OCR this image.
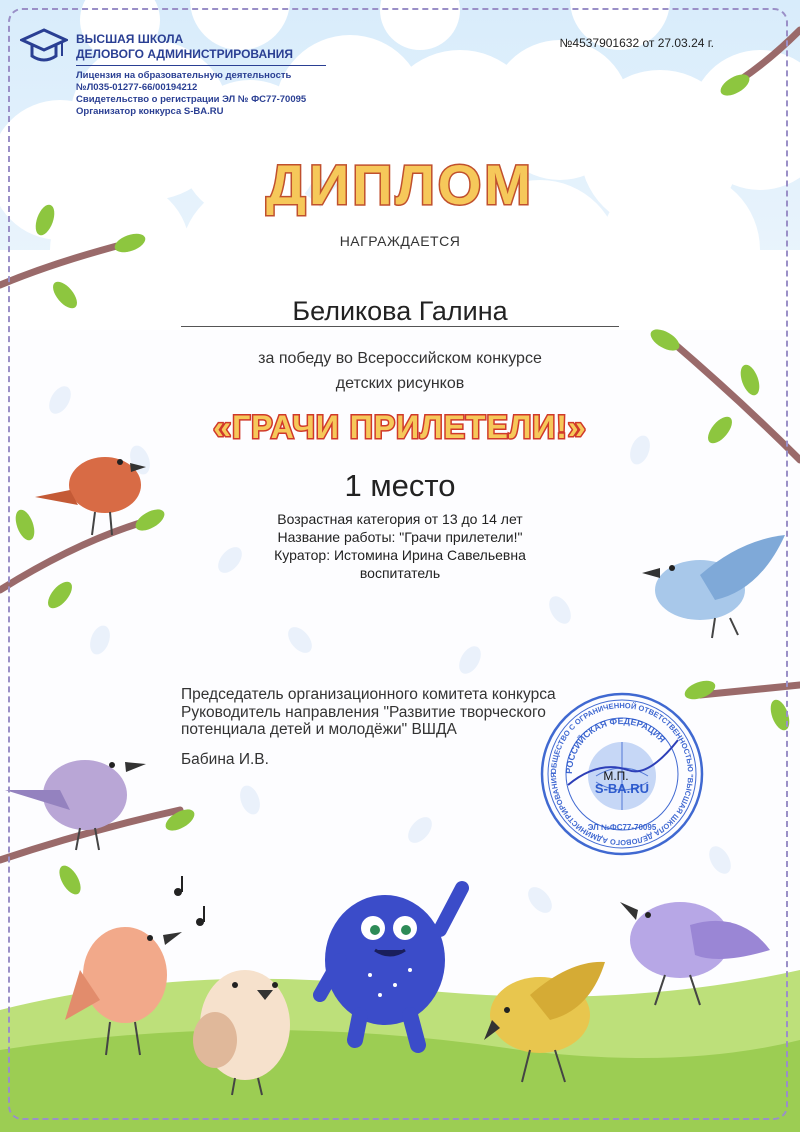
ВЫСШАЯ ШКОЛА
ДЕЛОВОГО АДМИНИСТРИРОВАНИЯ
Лицензия на образовательную деятельность
№Л035-01277-66/00194212
Свидетельство о регистрации ЭЛ № ФС77-70095
Организатор конкурса S-BA.RU
№4537901632 от 27.03.24 г.
ДИПЛОМ
НАГРАЖДАЕТСЯ
Беликова Галина
за победу во Всероссийском конкурсе
детских рисунков
«ГРАЧИ ПРИЛЕТЕЛИ!»
1 место
Возрастная категория от 13 до 14 лет
Название работы: "Грачи прилетели!"
Куратор: Истомина Ирина Савельевна
воспитатель
Председатель организационного комитета конкурса
Руководитель направления "Развитие творческого
потенциала детей и молодёжи" ВШДА
Бабина И.В.
ОБЩЕСТВО С ОГРАНИЧЕННОЙ ОТВЕТСТВЕННОСТЬЮ "ВЫСШАЯ ШКОЛА ДЕЛОВОГО АДМИНИСТРИРОВАНИЯ
РОССИЙСКАЯ ФЕДЕРАЦИЯ
S-BA.RU
М.П.
ЭЛ №ФС77-70095
